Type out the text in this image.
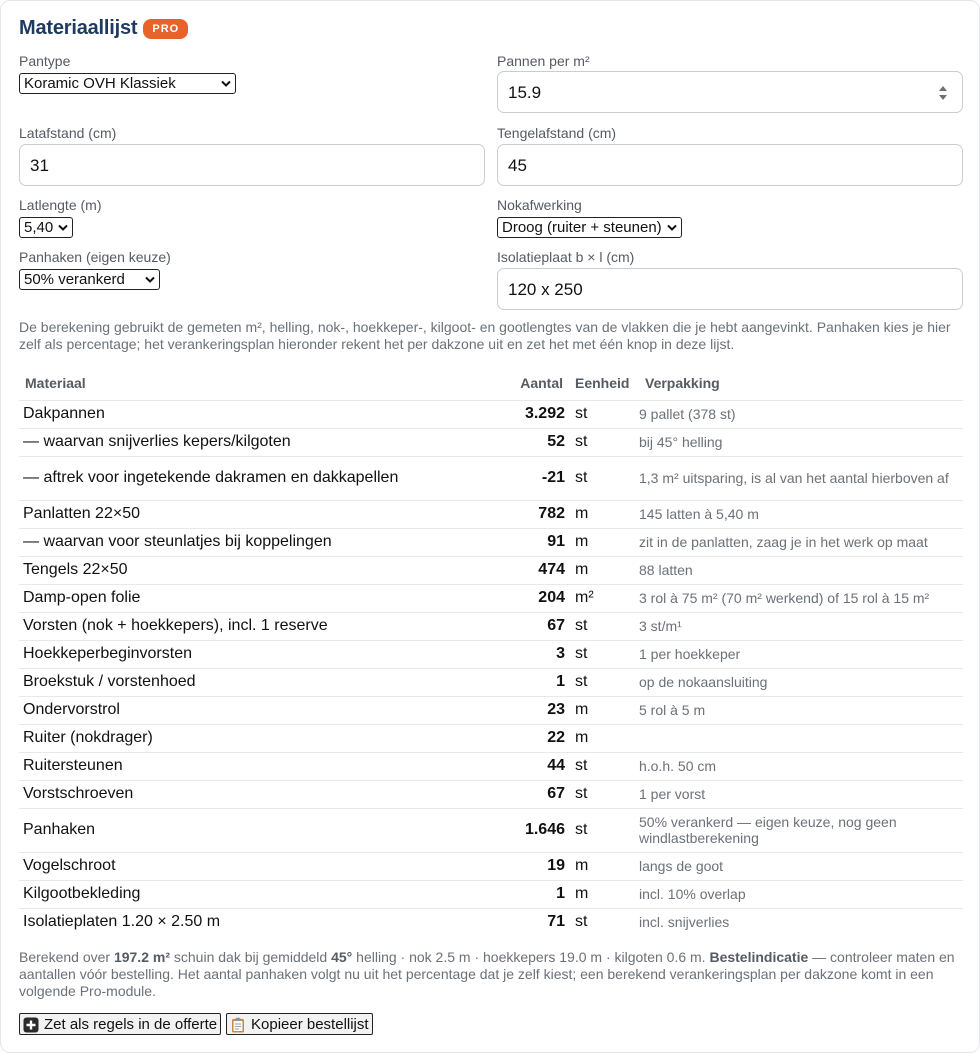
Materiaallijst	PRO
Pantype
Koramic OVH Klassiek
Pannen per m²
15.9
Latafstand (cm)
31
Tengelafstand (cm)
45
Latlengte (m)
5,40
Nokafwerking
Droog (ruiter + steunen)
Panhaken (eigen keuze)
50% verankerd
Isolatieplaat b × l (cm)
120 x 250
De berekening gebruikt de gemeten m², helling, nok-, hoekkeper-, kilgoot- en gootlengtes van de vlakken die je hebt aangevinkt. Panhaken kies je hier zelf als percentage; het verankeringsplan hieronder rekent het per dakzone uit en zet het met één knop in deze lijst.
Materiaal	Aantal	Eenheid	Verpakking
Dakpannen	3.292	st	9 pallet (378 st)
— waarvan snijverlies kepers/kilgoten	52	st	bij 45° helling
— aftrek voor ingetekende dakramen en dakkapellen	-21	st	1,3 m² uitsparing, is al van het aantal hierboven af
Panlatten 22×50	782	m	145 latten à 5,40 m
— waarvan voor steunlatjes bij koppelingen	91	m	zit in de panlatten, zaag je in het werk op maat
Tengels 22×50	474	m	88 latten
Damp-open folie	204	m²	3 rol à 75 m² (70 m² werkend) of 15 rol à 15 m²
Vorsten (nok + hoekkepers), incl. 1 reserve	67	st	3 st/m¹
Hoekkeperbeginvorsten	3	st	1 per hoekkeper
Broekstuk / vorstenhoed	1	st	op de nokaansluiting
Ondervorstrol	23	m	5 rol à 5 m
Ruiter (nokdrager)	22	m	
Ruitersteunen	44	st	h.o.h. 50 cm
Vorstschroeven	67	st	1 per vorst
Panhaken	1.646	st	50% verankerd — eigen keuze, nog geen windlastberekening
Vogelschroot	19	m	langs de goot
Kilgootbekleding	1	m	incl. 10% overlap
Isolatieplaten 1.20 × 2.50 m	71	st	incl. snijverlies
Berekend over 197.2 m² schuin dak bij gemiddeld 45° helling · nok 2.5 m · hoekkepers 19.0 m · kilgoten 0.6 m. Bestelindicatie — controleer maten en aantallen vóór bestelling. Het aantal panhaken volgt nu uit het percentage dat je zelf kiest; een berekend verankeringsplan per dakzone komt in een volgende Pro-module.
Zet als regels in de offerte Kopieer bestellijst
